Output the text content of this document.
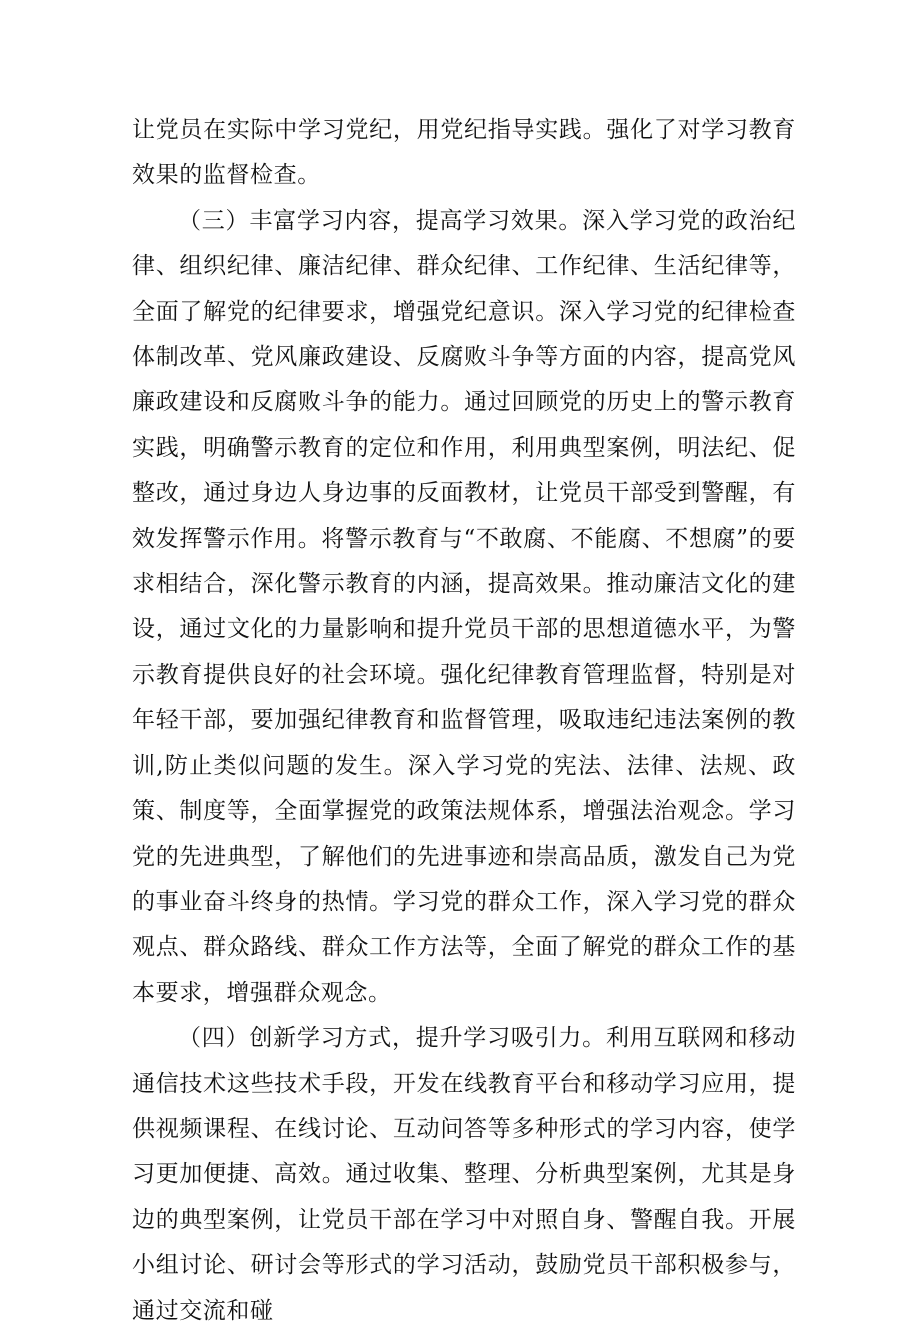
让党员在实际中学习党纪，用党纪指导实践。强化了对学习教育效果的监督检查。

（三）丰富学习内容，提高学习效果。深入学习党的政治纪律、组织纪律、廉洁纪律、群众纪律、工作纪律、生活纪律等，全面了解党的纪律要求，增强党纪意识。深入学习党的纪律检查体制改革、党风廉政建设、反腐败斗争等方面的内容，提高党风廉政建设和反腐败斗争的能力。通过回顾党的历史上的警示教育实践，明确警示教育的定位和作用，利用典型案例，明法纪、促整改，通过身边人身边事的反面教材，让党员干部受到警醒，有效发挥警示作用。将警示教育与“不敢腐、不能腐、不想腐”的要求相结合，深化警示教育的内涵，提高效果。推动廉洁文化的建设，通过文化的力量影响和提升党员干部的思想道德水平，为警示教育提供良好的社会环境。强化纪律教育管理监督，特别是对年轻干部，要加强纪律教育和监督管理，吸取违纪违法案例的教训,防止类似问题的发生。深入学习党的宪法、法律、法规、政策、制度等，全面掌握党的政策法规体系，增强法治观念。学习党的先进典型，了解他们的先进事迹和崇高品质，激发自己为党的事业奋斗终身的热情。学习党的群众工作，深入学习党的群众观点、群众路线、群众工作方法等，全面了解党的群众工作的基本要求，增强群众观念。

（四）创新学习方式，提升学习吸引力。利用互联网和移动通信技术这些技术手段，开发在线教育平台和移动学习应用，提供视频课程、在线讨论、互动问答等多种形式的学习内容，使学习更加便捷、高效。通过收集、整理、分析典型案例，尤其是身边的典型案例，让党员干部在学习中对照自身、警醒自我。开展小组讨论、研讨会等形式的学习活动，鼓励党员干部积极参与，通过交流和碰
